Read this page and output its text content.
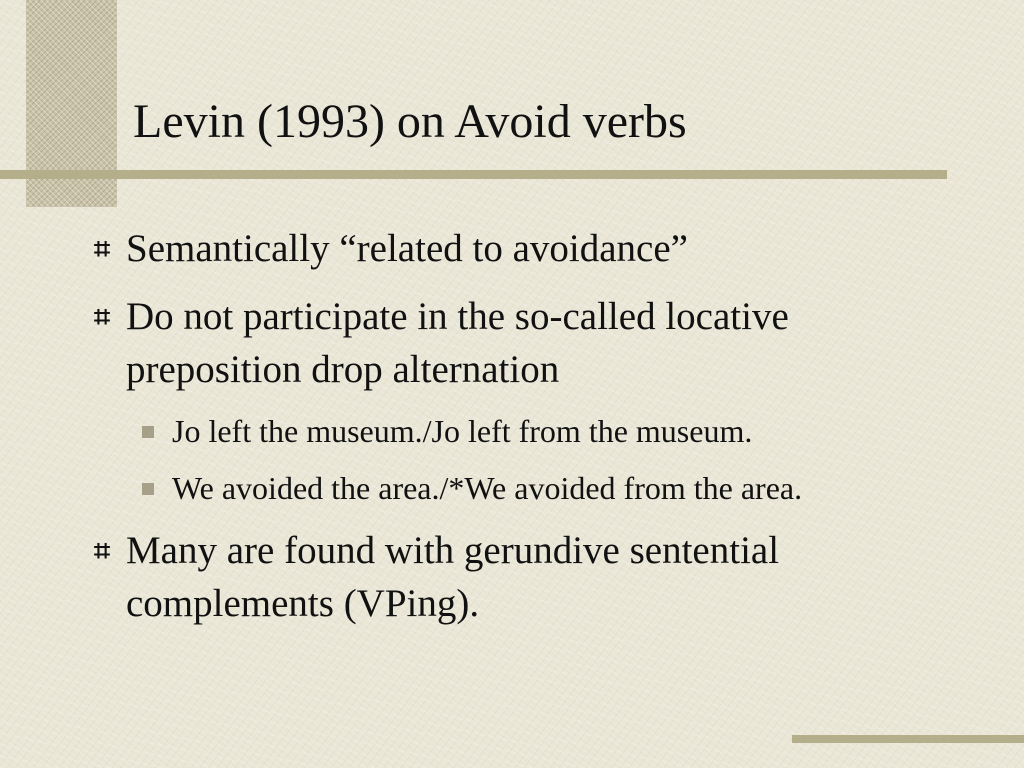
Levin (1993) on Avoid verbs

⌗ Semantically “related to avoidance”

⌗ Do not participate in the so-called locative preposition drop alternation

Jo left the museum./Jo left from the museum.

We avoided the area./*We avoided from the area.

⌗ Many are found with gerundive sentential complements (VPing).
